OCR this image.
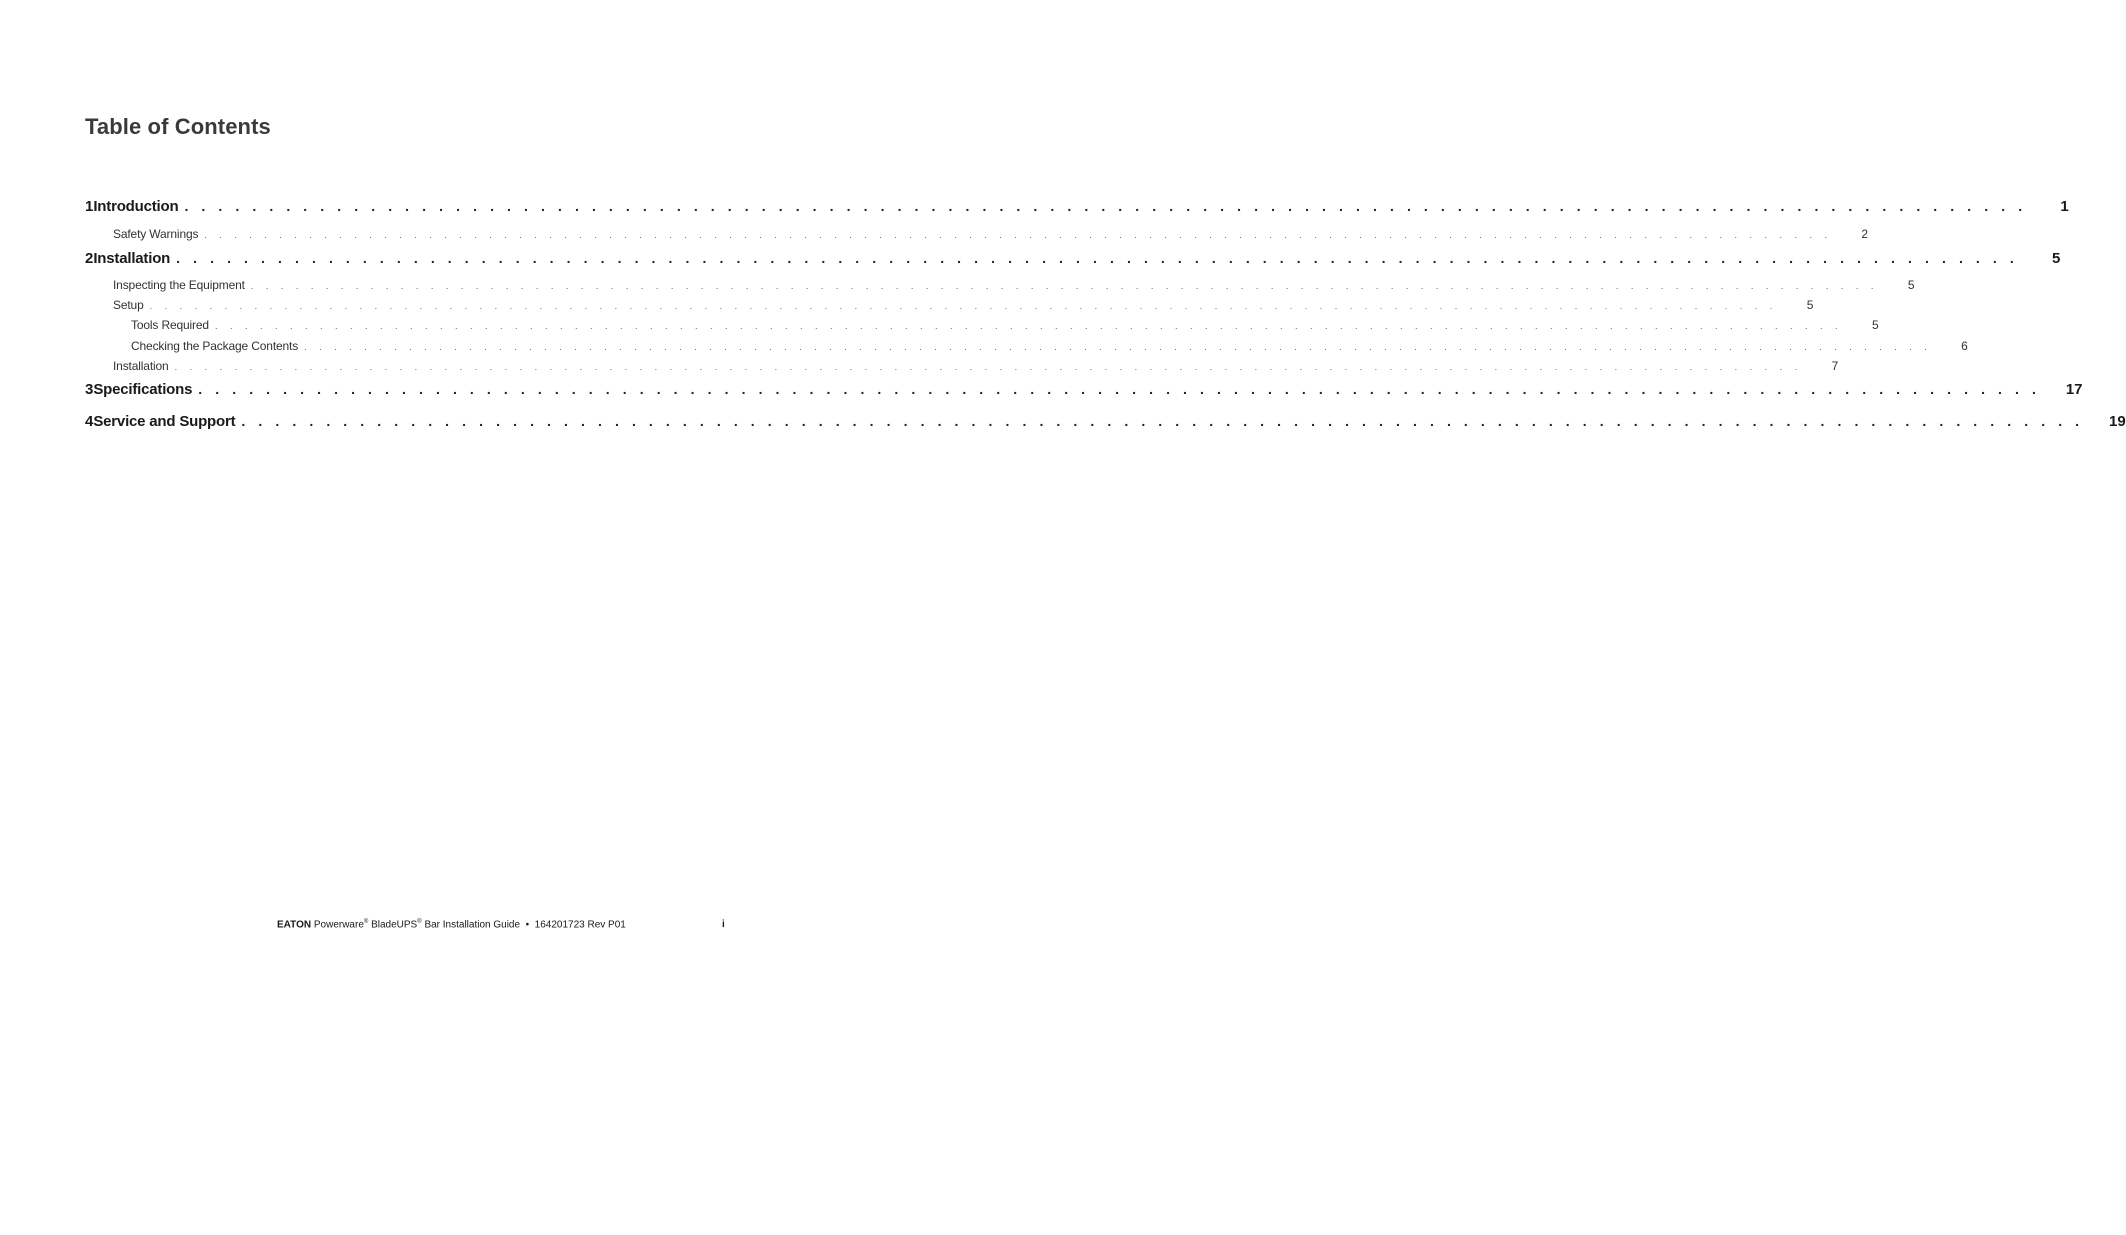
Table of Contents
1 Introduction . . . . . . . . . . . . . . . . . . . . . . . . . . . . . . . . . . . . . . . . . . . . . . . . . . . . . . . . . . . . . . . . . . . . . . . . . . . . . . . . . . . . . . . . . . . . . . . . . . . . . . . . . . . . .	1
Safety Warnings . . . . . . . . . . . . . . . . . . . . . . . . . . . . . . . . . . . . . . . . . . . . . . . . . . . . . . . . . . . . . . . . . . . . . . . . . . . . . . . . . . . . . . . . . . . . . . . . . . . . . . . . . . . . .	2
2 Installation . . . . . . . . . . . . . . . . . . . . . . . . . . . . . . . . . . . . . . . . . . . . . . . . . . . . . . . . . . . . . . . . . . . . . . . . . . . . . . . . . . . . . . . . . . . . . . . . . . . . . . . . . . . . .	5
Inspecting the Equipment . . . . . . . . . . . . . . . . . . . . . . . . . . . . . . . . . . . . . . . . . . . . . . . . . . . . . . . . . . . . . . . . . . . . . . . . . . . . . . . . . . . . . . . . . . . . . . . . . . . . . . . . . . . . .	5
Setup . . . . . . . . . . . . . . . . . . . . . . . . . . . . . . . . . . . . . . . . . . . . . . . . . . . . . . . . . . . . . . . . . . . . . . . . . . . . . . . . . . . . . . . . . . . . . . . . . . . . . . . . . . . . .	5
Tools Required . . . . . . . . . . . . . . . . . . . . . . . . . . . . . . . . . . . . . . . . . . . . . . . . . . . . . . . . . . . . . . . . . . . . . . . . . . . . . . . . . . . . . . . . . . . . . . . . . . . . . . . . . . . . .	5
Checking the Package Contents . . . . . . . . . . . . . . . . . . . . . . . . . . . . . . . . . . . . . . . . . . . . . . . . . . . . . . . . . . . . . . . . . . . . . . . . . . . . . . . . . . . . . . . . . . . . . . . . . . . . . . . . . . . . .	6
Installation . . . . . . . . . . . . . . . . . . . . . . . . . . . . . . . . . . . . . . . . . . . . . . . . . . . . . . . . . . . . . . . . . . . . . . . . . . . . . . . . . . . . . . . . . . . . . . . . . . . . . . . . . . . . .	7
3 Specifications . . . . . . . . . . . . . . . . . . . . . . . . . . . . . . . . . . . . . . . . . . . . . . . . . . . . . . . . . . . . . . . . . . . . . . . . . . . . . . . . . . . . . . . . . . . . . . . . . . . . . . . . . . . . .	17
4 Service and Support . . . . . . . . . . . . . . . . . . . . . . . . . . . . . . . . . . . . . . . . . . . . . . . . . . . . . . . . . . . . . . . . . . . . . . . . . . . . . . . . . . . . . . . . . . . . . . . . . . . . . . . . . . . . .	19
EATON Powerware® BladeUPS® Bar Installation Guide  •  164201723 Rev P01	i
